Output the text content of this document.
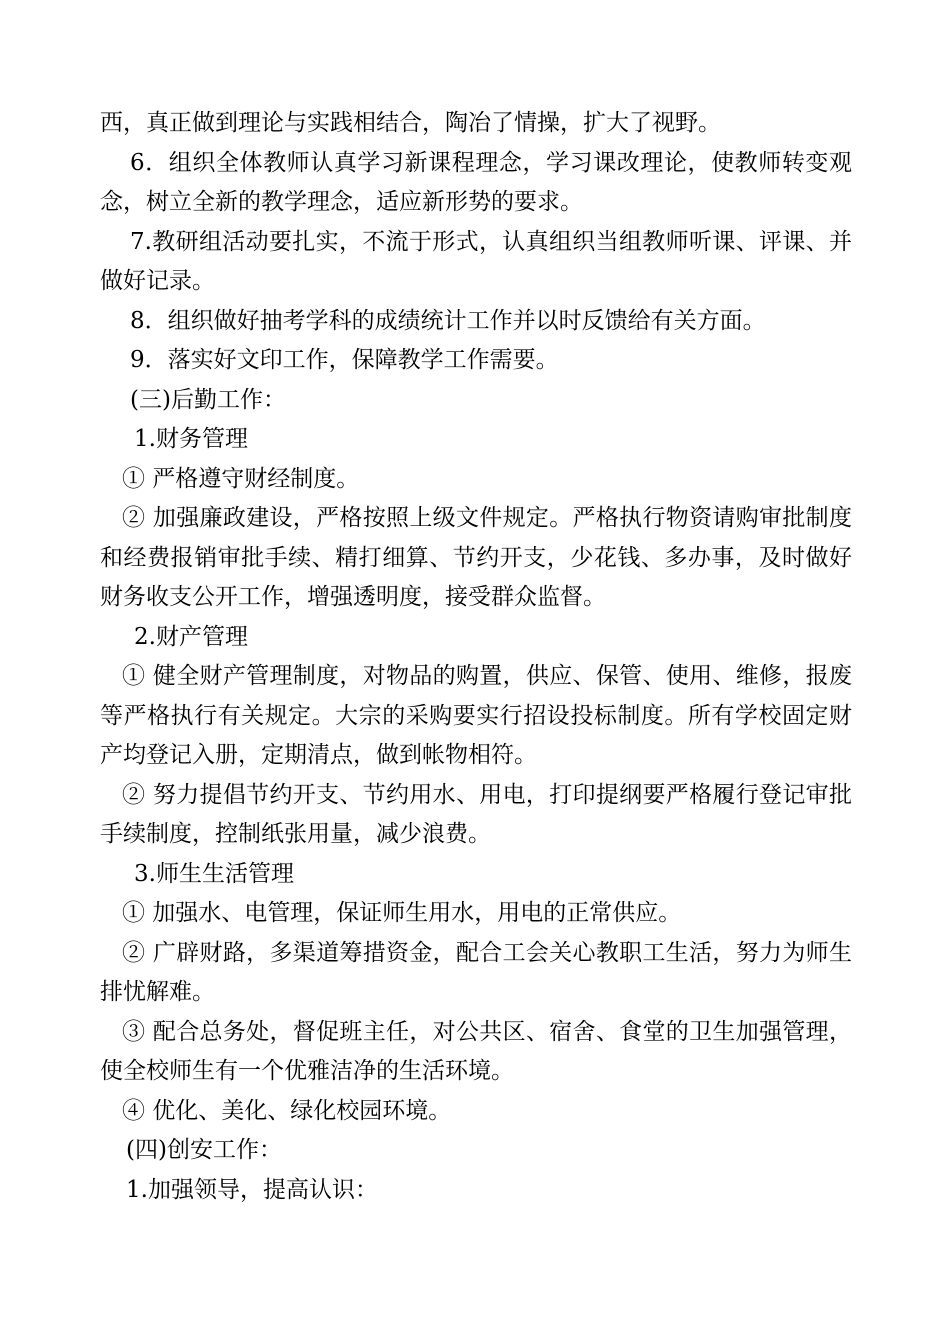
西，真正做到理论与实践相结合，陶冶了情操，扩大了视野。

6．组织全体教师认真学习新课程理念，学习课改理论，使教师转变观念，树立全新的教学理念，适应新形势的要求。

7.教研组活动要扎实，不流于形式，认真组织当组教师听课、评课、并做好记录。

8．组织做好抽考学科的成绩统计工作并以时反馈给有关方面。

9．落实好文印工作，保障教学工作需要。

(三)后勤工作：

1.财务管理

① 严格遵守财经制度。

② 加强廉政建设，严格按照上级文件规定。严格执行物资请购审批制度和经费报销审批手续、精打细算、节约开支，少花钱、多办事，及时做好财务收支公开工作，增强透明度，接受群众监督。

2.财产管理

① 健全财产管理制度，对物品的购置，供应、保管、使用、维修，报废等严格执行有关规定。大宗的采购要实行招设投标制度。所有学校固定财产均登记入册，定期清点，做到帐物相符。

② 努力提倡节约开支、节约用水、用电，打印提纲要严格履行登记审批手续制度，控制纸张用量，减少浪费。

3.师生生活管理

① 加强水、电管理，保证师生用水，用电的正常供应。

② 广辟财路，多渠道筹措资金，配合工会关心教职工生活，努力为师生排忧解难。

③ 配合总务处，督促班主任，对公共区、宿舍、食堂的卫生加强管理，使全校师生有一个优雅洁净的生活环境。

④ 优化、美化、绿化校园环境。

(四)创安工作：

1.加强领导，提高认识：
